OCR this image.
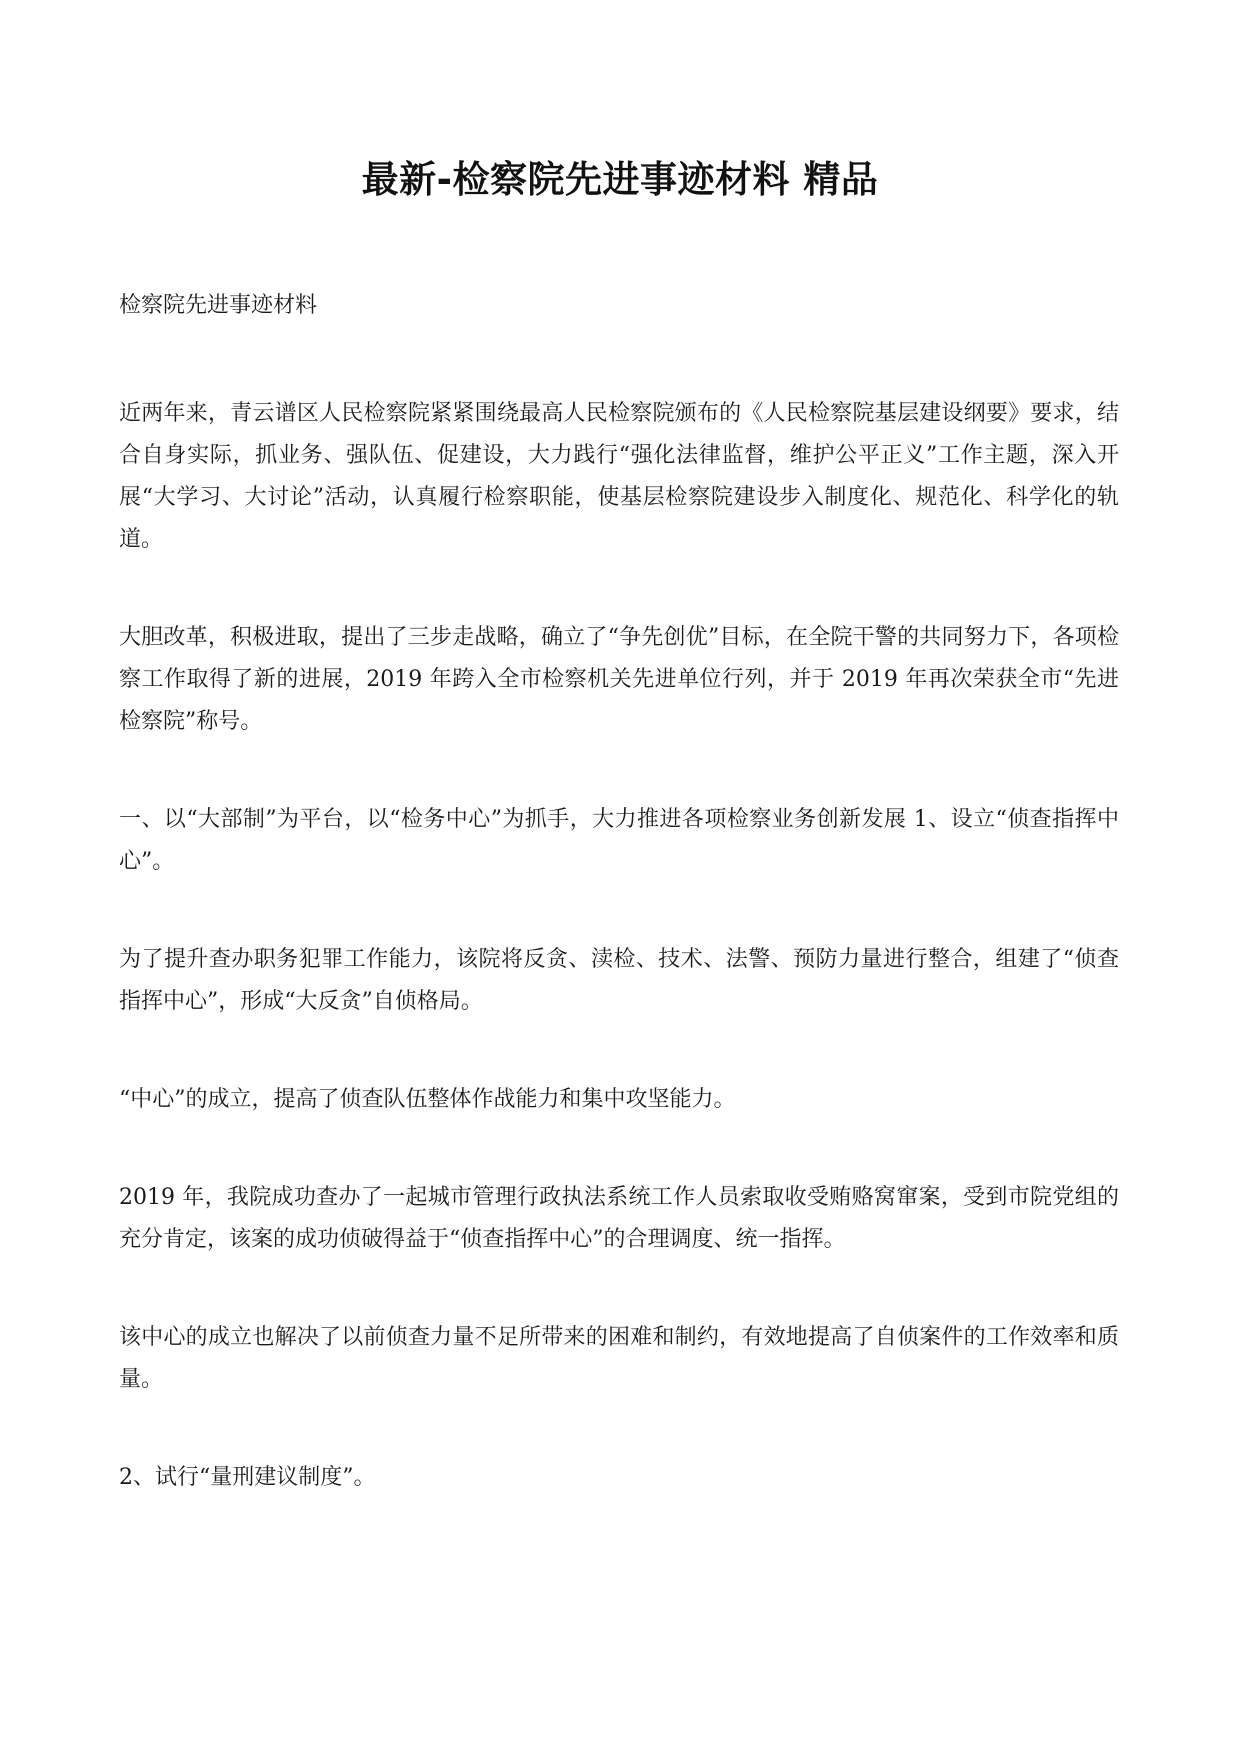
最新-检察院先进事迹材料 精品

检察院先进事迹材料

近两年来，青云谱区人民检察院紧紧围绕最高人民检察院颁布的《人民检察院基层建设纲要》要求，结合自身实际，抓业务、强队伍、促建设，大力践行“强化法律监督，维护公平正义”工作主题，深入开展“大学习、大讨论”活动，认真履行检察职能，使基层检察院建设步入制度化、规范化、科学化的轨道。

大胆改革，积极进取，提出了三步走战略，确立了“争先创优”目标，在全院干警的共同努力下，各项检察工作取得了新的进展，2019 年跨入全市检察机关先进单位行列，并于 2019 年再次荣获全市“先进检察院”称号。

一、以“大部制”为平台，以“检务中心”为抓手，大力推进各项检察业务创新发展 1、设立“侦查指挥中心”。

为了提升查办职务犯罪工作能力，该院将反贪、渎检、技术、法警、预防力量进行整合，组建了“侦查指挥中心”，形成“大反贪”自侦格局。

“中心”的成立，提高了侦查队伍整体作战能力和集中攻坚能力。

2019 年，我院成功查办了一起城市管理行政执法系统工作人员索取收受贿赂窝窜案，受到市院党组的充分肯定，该案的成功侦破得益于“侦查指挥中心”的合理调度、统一指挥。

该中心的成立也解决了以前侦查力量不足所带来的困难和制约，有效地提高了自侦案件的工作效率和质量。

2、试行“量刑建议制度”。
